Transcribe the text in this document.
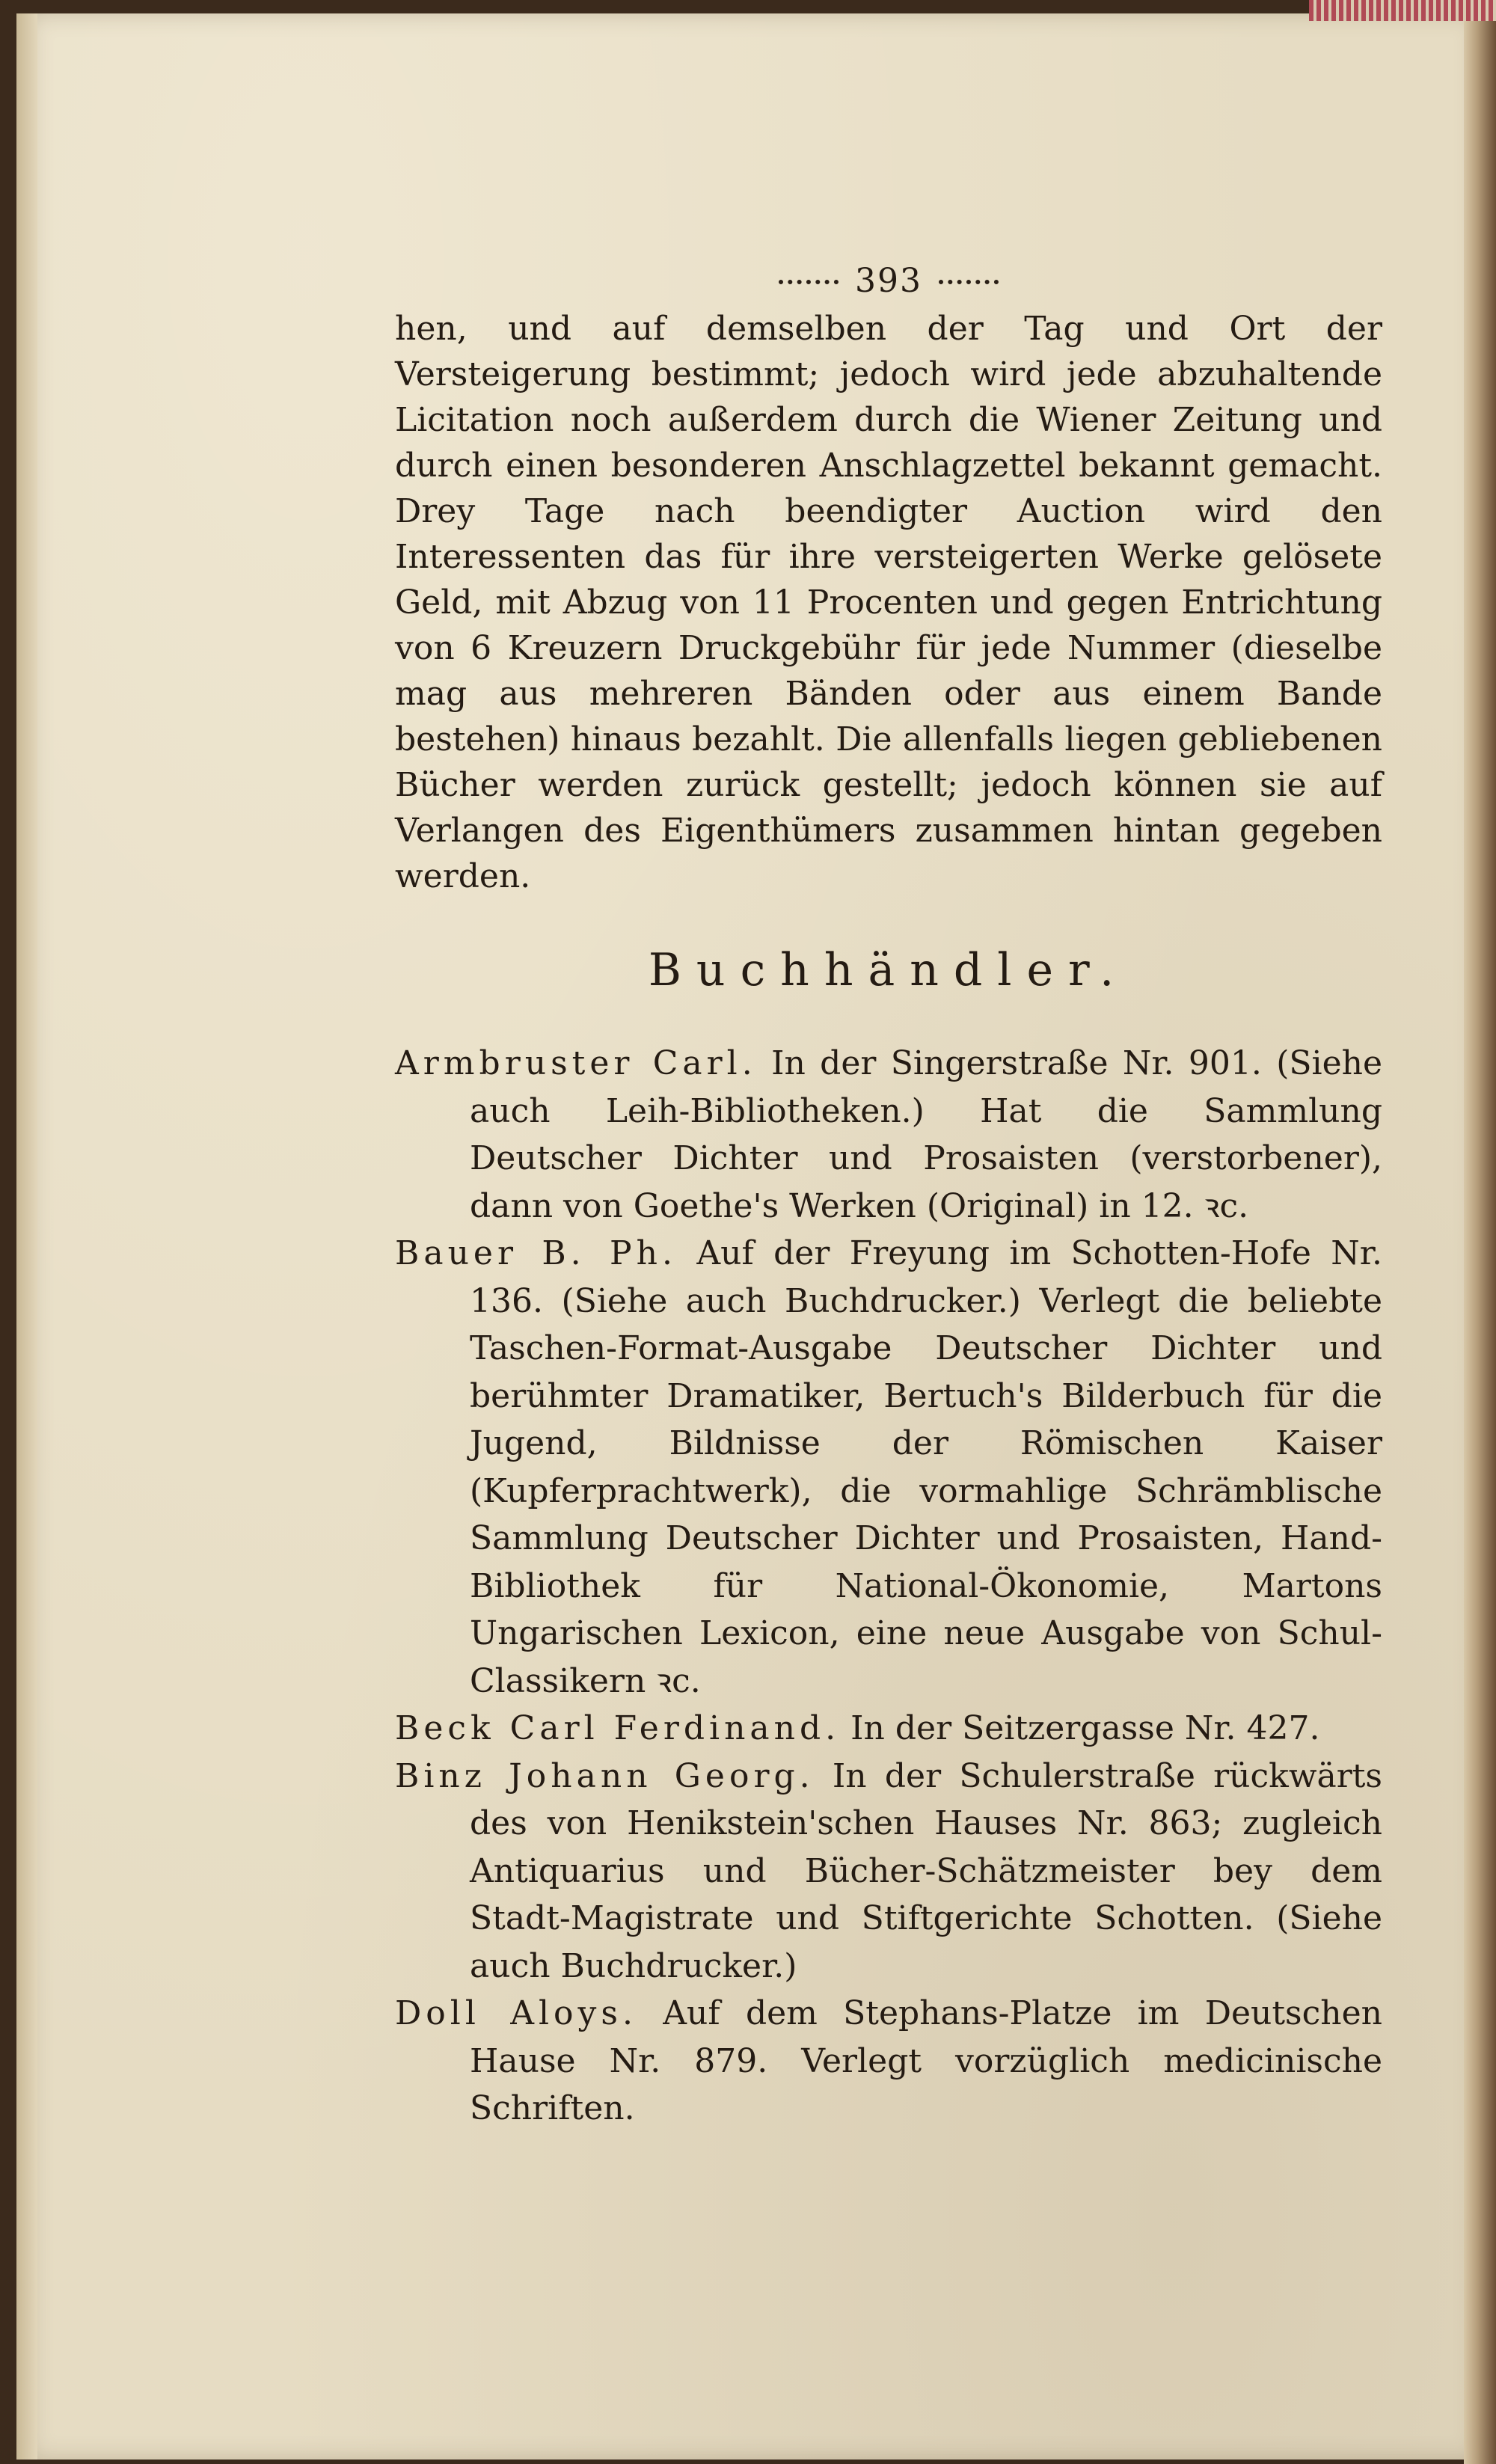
393

hen, und auf demselben der Tag und Ort der Versteigerung bestimmt; jedoch wird jede abzuhaltende Licitation noch außerdem durch die Wiener Zeitung und durch einen besonderen Anschlagzettel bekannt gemacht. Drey Tage nach beendigter Auction wird den Interessenten das für ihre versteigerten Werke gelösete Geld, mit Abzug von 11 Procenten und gegen Entrichtung von 6 Kreuzern Druckgebühr für jede Nummer (dieselbe mag aus mehreren Bänden oder aus einem Bande bestehen) hinaus bezahlt. Die allenfalls liegen gebliebenen Bücher werden zurück gestellt; jedoch können sie auf Verlangen des Eigenthümers zusammen hintan gegeben werden.

Buchhändler.

Armbruster Carl. In der Singerstraße Nr. 901. (Siehe auch Leih-Bibliotheken.) Hat die Sammlung Deutscher Dichter und Prosaisten (verstorbener), dann von Goethe's Werken (Original) in 12. ꝛc.

Bauer B. Ph. Auf der Freyung im Schotten-Hofe Nr. 136. (Siehe auch Buchdrucker.) Verlegt die beliebte Taschen-Format-Ausgabe Deutscher Dichter und berühmter Dramatiker, Bertuch's Bilderbuch für die Jugend, Bildnisse der Römischen Kaiser (Kupferprachtwerk), die vormahlige Schrämblische Sammlung Deutscher Dichter und Prosaisten, Hand-Bibliothek für National-Ökonomie, Martons Ungarischen Lexicon, eine neue Ausgabe von Schul-Classikern ꝛc.

Beck Carl Ferdinand. In der Seitzergasse Nr. 427.

Binz Johann Georg. In der Schulerstraße rückwärts des von Henikstein'schen Hauses Nr. 863; zugleich Antiquarius und Bücher-Schätzmeister bey dem Stadt-Magistrate und Stiftgerichte Schotten. (Siehe auch Buchdrucker.)

Doll Aloys. Auf dem Stephans-Platze im Deutschen Hause Nr. 879. Verlegt vorzüglich medicinische Schriften.
